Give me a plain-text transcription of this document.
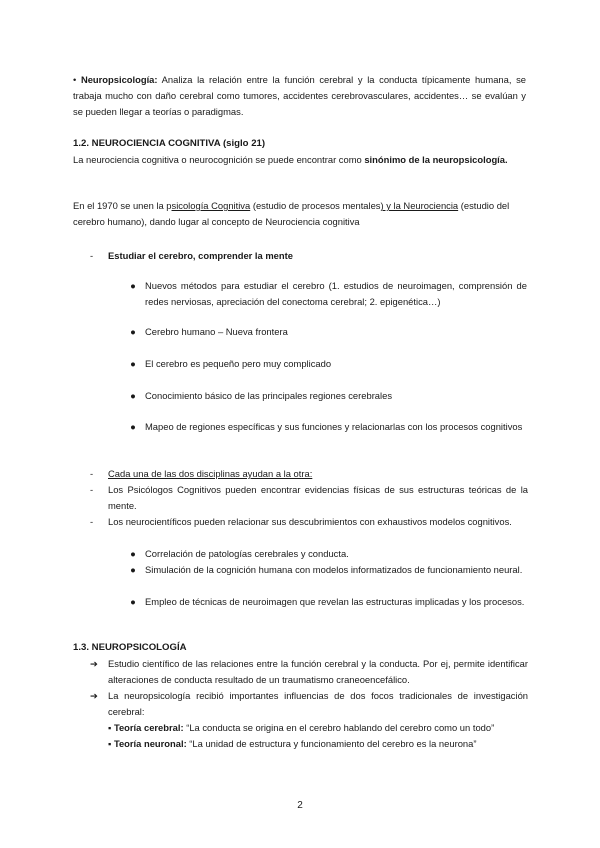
• Neuropsicología: Analiza la relación entre la función cerebral y la conducta típicamente humana, se trabaja mucho con daño cerebral como tumores, accidentes cerebrovasculares, accidentes… se evalúan y se pueden llegar a teorías o paradigmas.
1.2. NEUROCIENCIA COGNITIVA (siglo 21)
La neurociencia cognitiva o neurocognición se puede encontrar como sinónimo de la neuropsicología.
En el 1970 se unen la psicología Cognitiva (estudio de procesos mentales) y la Neurociencia (estudio del cerebro humano), dando lugar al concepto de Neurociencia cognitiva
-	Estudiar el cerebro, comprender la mente
● Nuevos métodos para estudiar el cerebro (1. estudios de neuroimagen, comprensión de redes nerviosas, apreciación del conectoma cerebral; 2. epigenética…)
● Cerebro humano – Nueva frontera
● El cerebro es pequeño pero muy complicado
● Conocimiento básico de las principales regiones cerebrales
● Mapeo de regiones específicas y sus funciones y relacionarlas con los procesos cognitivos
-	Cada una de las dos disciplinas ayudan a la otra:
-	Los Psicólogos Cognitivos pueden encontrar evidencias físicas de sus estructuras teóricas de la mente.
-	Los neurocientíficos pueden relacionar sus descubrimientos con exhaustivos modelos cognitivos.
● Correlación de patologías cerebrales y conducta.
● Simulación de la cognición humana con modelos informatizados de funcionamiento neural.
● Empleo de técnicas de neuroimagen que revelan las estructuras implicadas y los procesos.
1.3. NEUROPSICOLOGÍA
➔	Estudio científico de las relaciones entre la función cerebral y la conducta. Por ej, permite identificar alteraciones de conducta resultado de un traumatismo craneoencefálico.
➔	La neuropsicología recibió importantes influencias de dos focos tradicionales de investigación cerebral:
▪ Teoría cerebral: “La conducta se origina en el cerebro hablando del cerebro como un todo”
▪ Teoría neuronal: “La unidad de estructura y funcionamiento del cerebro es la neurona”
2
